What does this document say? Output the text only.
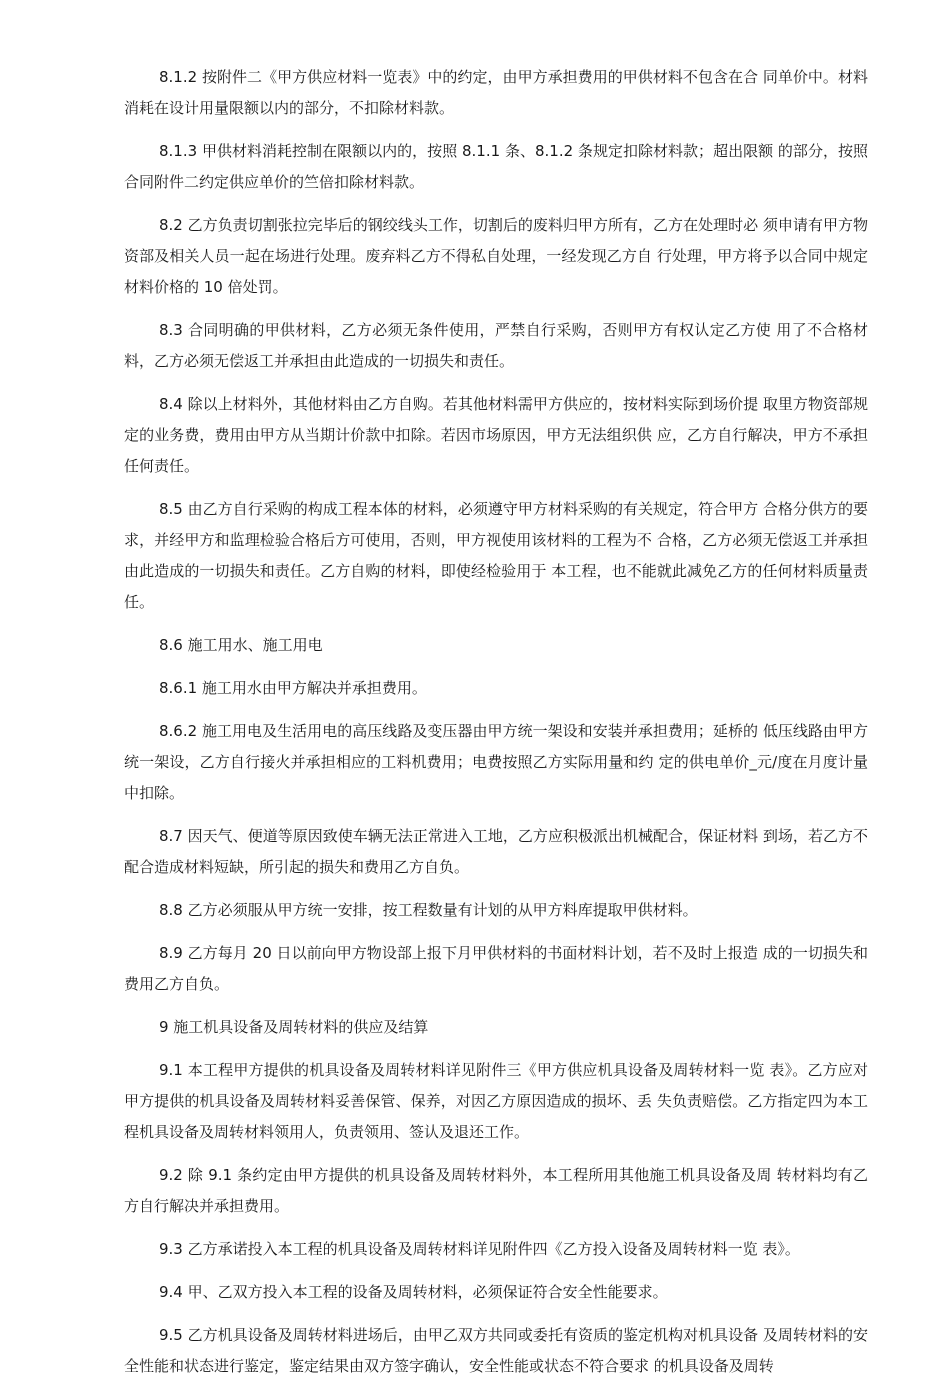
8.1.2 按附件二《甲方供应材料一览表》中的约定，由甲方承担费用的甲供材料不包含在合 同单价中。材料消耗在设计用量限额以内的部分，不扣除材料款。

8.1.3 甲供材料消耗控制在限额以内的，按照 8.1.1 条、8.1.2 条规定扣除材料款；超出限额 的部分，按照合同附件二约定供应单价的竺倍扣除材料款。

8.2 乙方负责切割张拉完毕后的钢绞线头工作，切割后的废料归甲方所有，乙方在处理时必 须申请有甲方物资部及相关人员一起在场进行处理。废弃料乙方不得私自处理，一经发现乙方自 行处理，甲方将予以合同中规定材料价格的 10 倍处罚。

8.3 合同明确的甲供材料，乙方必须无条件使用，严禁自行采购，否则甲方有权认定乙方使 用了不合格材料，乙方必须无偿返工并承担由此造成的一切损失和责任。

8.4 除以上材料外，其他材料由乙方自购。若其他材料需甲方供应的，按材料实际到场价提 取里方物资部规定的业务费，费用由甲方从当期计价款中扣除。若因市场原因，甲方无法组织供 应，乙方自行解决，甲方不承担任何责任。

8.5 由乙方自行采购的构成工程本体的材料，必须遵守甲方材料采购的有关规定，符合甲方 合格分供方的要求，并经甲方和监理检验合格后方可使用，否则，甲方视使用该材料的工程为不 合格，乙方必须无偿返工并承担由此造成的一切损失和责任。乙方自购的材料，即使经检验用于 本工程，也不能就此减免乙方的任何材料质量责任。

8.6 施工用水、施工用电

8.6.1 施工用水由甲方解决并承担费用。

8.6.2 施工用电及生活用电的高压线路及变压器由甲方统一架设和安装并承担费用；延桥的 低压线路由甲方统一架设，乙方自行接火并承担相应的工料机费用；电费按照乙方实际用量和约 定的供电单价_元/度在月度计量中扣除。

8.7 因天气、便道等原因致使车辆无法正常进入工地，乙方应积极派出机械配合，保证材料 到场，若乙方不配合造成材料短缺，所引起的损失和费用乙方自负。

8.8 乙方必须服从甲方统一安排，按工程数量有计划的从甲方料库提取甲供材料。

8.9 乙方每月 20 日以前向甲方物设部上报下月甲供材料的书面材料计划，若不及时上报造 成的一切损失和费用乙方自负。

9 施工机具设备及周转材料的供应及结算

9.1 本工程甲方提供的机具设备及周转材料详见附件三《甲方供应机具设备及周转材料一览 表》。乙方应对甲方提供的机具设备及周转材料妥善保管、保养，对因乙方原因造成的损坏、丢 失负责赔偿。乙方指定四为本工程机具设备及周转材料领用人，负责领用、签认及退还工作。

9.2 除 9.1 条约定由甲方提供的机具设备及周转材料外，本工程所用其他施工机具设备及周 转材料均有乙方自行解决并承担费用。

9.3 乙方承诺投入本工程的机具设备及周转材料详见附件四《乙方投入设备及周转材料一览 表》。

9.4 甲、乙双方投入本工程的设备及周转材料，必须保证符合安全性能要求。

9.5 乙方机具设备及周转材料进场后，由甲乙双方共同或委托有资质的鉴定机构对机具设备 及周转材料的安全性能和状态进行鉴定，鉴定结果由双方签字确认，安全性能或状态不符合要求 的机具设备及周转
